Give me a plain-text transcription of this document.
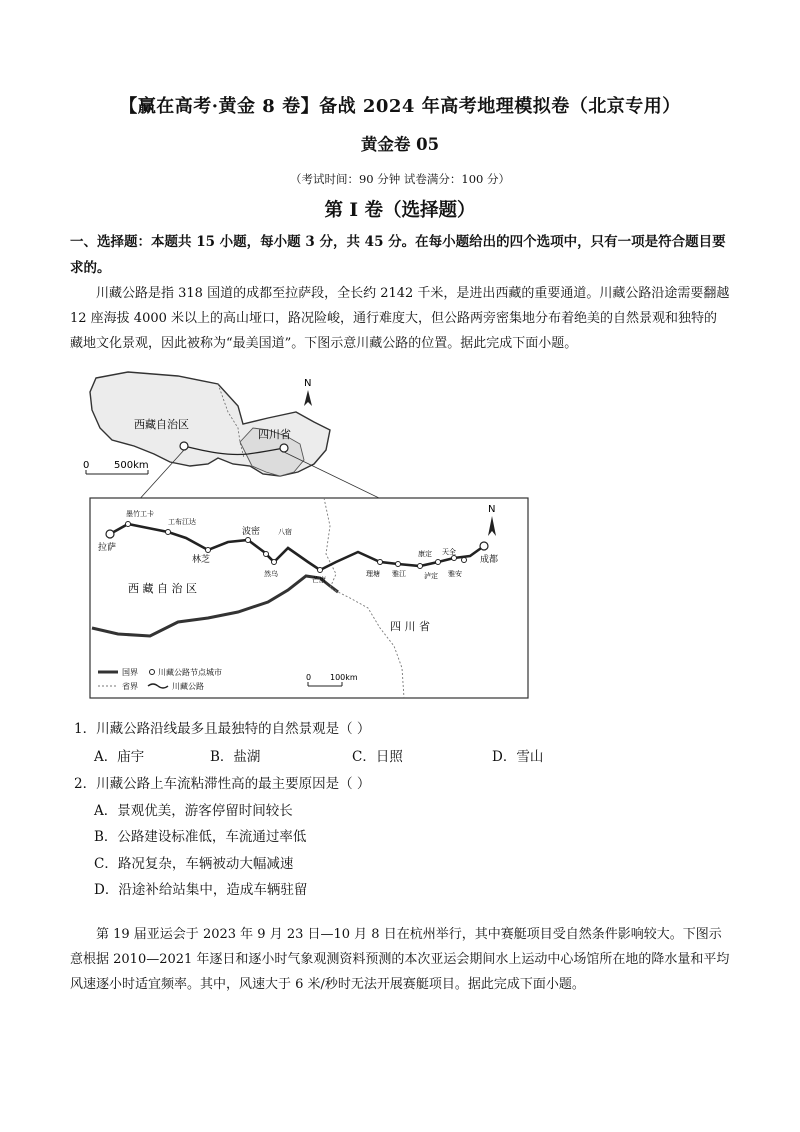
【赢在高考·黄金 8 卷】备战 2024 年高考地理模拟卷（北京专用）
黄金卷 05
（考试时间：90 分钟 试卷满分：100 分）
第 I 卷（选择题）
一、选择题：本题共 15 小题，每小题 3 分，共 45 分。在每小题给出的四个选项中，只有一项是符合题目要求的。
川藏公路是指 318 国道的成都至拉萨段，全长约 2142 千米，是进出西藏的重要通道。川藏公路沿途需要翻越 12 座海拔 4000 米以上的高山垭口，路况险峻，通行难度大，但公路两旁密集地分布着绝美的自然景观和独特的藏地文化景观，因此被称为“最美国道”。下图示意川藏公路的位置。据此完成下面小题。
西藏自治区
四川省
N
0 500km
拉萨
墨竹工卡
工布江达
林芝
波密	八宿
然乌
芒康
理塘 雅江
康定 天全
泸定 雅安
成都
西 藏 自 治 区
四 川 省
N
国界
省界
川藏公路节点城市
川藏公路
0 100km
1．川藏公路沿线最多且最独特的自然景观是（ ）
A．庙宇	B．盐湖	C．日照	D．雪山
2．川藏公路上车流粘滞性高的最主要原因是（ ）
A．景观优美，游客停留时间较长
B．公路建设标准低，车流通过率低
C．路况复杂，车辆被动大幅减速
D．沿途补给站集中，造成车辆驻留
第 19 届亚运会于 2023 年 9 月 23 日—10 月 8 日在杭州举行，其中赛艇项目受自然条件影响较大。下图示意根据 2010—2021 年逐日和逐小时气象观测资料预测的本次亚运会期间水上运动中心场馆所在地的降水量和平均风速逐小时适宜频率。其中，风速大于 6 米/秒时无法开展赛艇项目。据此完成下面小题。
